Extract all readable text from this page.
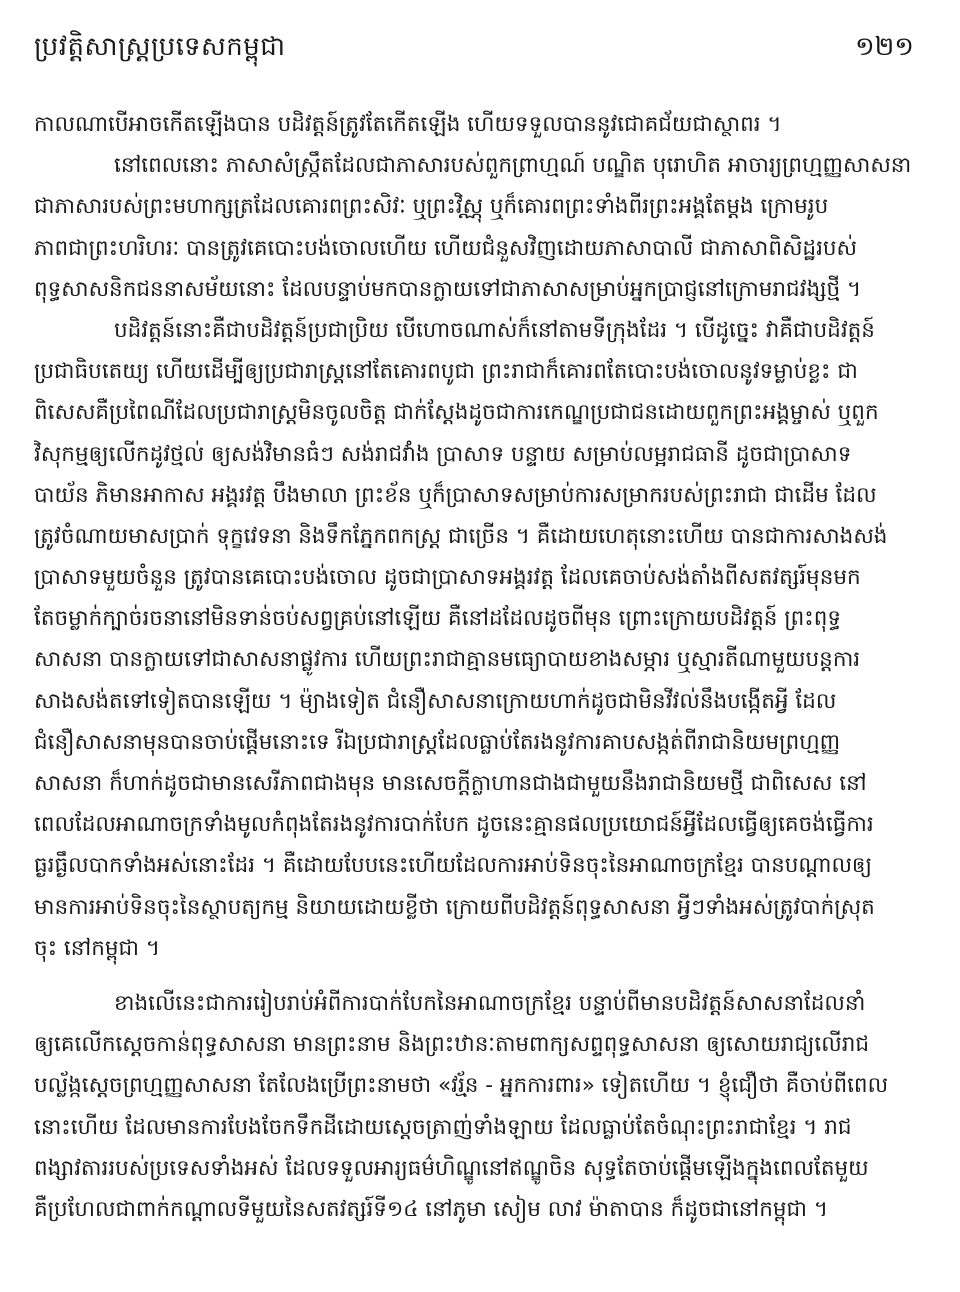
ប្រវត្តិសាស្ត្រប្រទេសកម្ពុជា	១២១
កាលណាបើអាចកើតឡើងបាន បដិវត្តន៍ត្រូវតែកើតឡើង ហើយទទួលបាននូវជោគជ័យជាស្ថាពរ ។
នៅពេលនោះ ភាសាសំស្ក្រឹតដែលជាភាសារបស់ពួកព្រាហ្មណ៍ បណ្ឌិត បុរោហិត អាចារ្យព្រហ្មញ្ញសាសនា
ជាភាសារបស់ព្រះមហាក្សត្រដែលគោរពព្រះសិវៈ ឬព្រះវិស្ណុ ឬក៏គោរពព្រះទាំងពីរព្រះអង្គតែម្តង ក្រោមរូប
ភាពជាព្រះហរិហរៈ បានត្រូវគេបោះបង់ចោលហើយ ហើយជំនួសវិញដោយភាសាបាលី ជាភាសាពិសិដ្ឋរបស់
ពុទ្ធសាសនិកជននាសម័យនោះ ដែលបន្ទាប់មកបានក្លាយទៅជាភាសាសម្រាប់អ្នកប្រាជ្ញនៅក្រោមរាជវង្សថ្មី ។
បដិវត្តន៍នោះគឺជាបដិវត្តន៍ប្រជាប្រិយ បើហោចណាស់ក៏នៅតាមទីក្រុងដែរ ។ បើដូច្នេះ វាគឺជាបដិវត្តន៍
ប្រជាធិបតេយ្យ ហើយដើម្បីឲ្យប្រជារាស្ត្រនៅតែគោរពបូជា ព្រះរាជាក៏គោរពតែបោះបង់ចោលនូវទម្លាប់ខ្លះ ជា
ពិសេសគឺប្រពៃណីដែលប្រជារាស្ត្រមិនចូលចិត្ត ជាក់ស្តែងដូចជាការកេណ្ឌប្រជាជនដោយពួកព្រះអង្គម្ចាស់ ឬពួក
វិសុកម្មឲ្យលើកដូវថ្មល់ ឲ្យសង់វិមានធំៗ សង់រាជវាំង ប្រាសាទ បន្ទាយ សម្រាប់លម្អរាជធានី ដូចជាប្រាសាទ
បាយ័ន ភិមានអាកាស អង្គរវត្ត បឹងមាលា ព្រះខ័ន ឬក៏ប្រាសាទសម្រាប់ការសម្រាករបស់ព្រះរាជា ជាដើម ដែល
ត្រូវចំណាយមាសប្រាក់ ទុក្ខវេទនា និងទឹកភ្នែកពកស្ត្រ ជាច្រើន ។ គឺដោយហេតុនោះហើយ បានជាការសាងសង់
ប្រាសាទមួយចំនួន ត្រូវបានគេបោះបង់ចោល ដូចជាប្រាសាទអង្គរវត្ត ដែលគេចាប់សង់តាំងពីសតវត្សរ៍មុនមក
តែចម្លាក់ក្បាច់រចនានៅមិនទាន់ចប់សព្វគ្រប់នៅឡើយ គឺនៅដដែលដូចពីមុន ព្រោះក្រោយបដិវត្តន៍ ព្រះពុទ្ធ
សាសនា បានក្លាយទៅជាសាសនាផ្លូវការ ហើយព្រះរាជាគ្មានមធ្យោបាយខាងសម្ភារ ឬស្មារតីណាមួយបន្តការ
សាងសង់តទៅទៀតបានឡើយ ។ ម៉្យាងទៀត ជំនឿសាសនាក្រោយហាក់ដូចជាមិនវីវល់នឹងបង្កើតអ្វី ដែល
ជំនឿសាសនាមុនបានចាប់ផ្តើមនោះទេ រីឯប្រជារាស្ត្រដែលធ្លាប់តែរងនូវការគាបសង្កត់ពីរាជានិយមព្រហ្មញ្ញ
សាសនា ក៏ហាក់ដូចជាមានសេរីភាពជាងមុន មានសេចក្តីក្លាហានជាងជាមួយនឹងរាជានិយមថ្មី ជាពិសេស នៅ
ពេលដែលអាណាចក្រទាំងមូលកំពុងតែរងនូវការបាក់បែក ដូចនេះគ្មានផលប្រយោជន៍អ្វីដែលធ្វើឲ្យគេចង់ធ្វើការ
ធ្ងរធ្ងឹលបាកទាំងអស់នោះដែរ ។ គឺដោយបែបនេះហើយដែលការអាប់ទិនចុះនៃអាណាចក្រខ្មែរ បានបណ្តាលឲ្យ
មានការអាប់ទិនចុះនៃស្ថាបត្យកម្ម និយាយដោយខ្លីថា ក្រោយពីបដិវត្តន៍ពុទ្ធសាសនា អ្វីៗទាំងអស់ត្រូវបាក់ស្រុត
ចុះ នៅកម្ពុជា ។
ខាងលើនេះជាការរៀបរាប់អំពីការបាក់បែកនៃអាណាចក្រខ្មែរ បន្ទាប់ពីមានបដិវត្តន៍សាសនាដែលនាំ
ឲ្យគេលើកស្តេចកាន់ពុទ្ធសាសនា មានព្រះនាម និងព្រះឋានៈតាមពាក្យសព្ទពុទ្ធសាសនា ឲ្យសោយរាជ្យលើរាជ
បល្ល័ង្កស្តេចព្រហ្មញ្ញសាសនា តែលែងប្រើព្រះនាមថា «វរ្ម័ន - អ្នកការពារ» ទៀតហើយ ។ ខ្ញុំជឿថា គឺចាប់ពីពេល
នោះហើយ ដែលមានការបែងចែកទឹកដីដោយស្តេចត្រាញ់ទាំងឡាយ ដែលធ្លាប់តែចំណុះព្រះរាជាខ្មែរ ។ រាជ
ពង្សាវតាររបស់ប្រទេសទាំងអស់ ដែលទទួលអារ្យធម៌ហិណ្ឌូនៅឥណ្ឌូចិន សុទ្ធតែចាប់ផ្តើមឡើងក្នុងពេលតែមួយ
គឺប្រហែលជាពាក់កណ្តាលទីមួយនៃសតវត្សរ៍ទី១៤ នៅភូមា សៀម លាវ ម៉ាតាបាន ក៏ដូចជានៅកម្ពុជា ។
